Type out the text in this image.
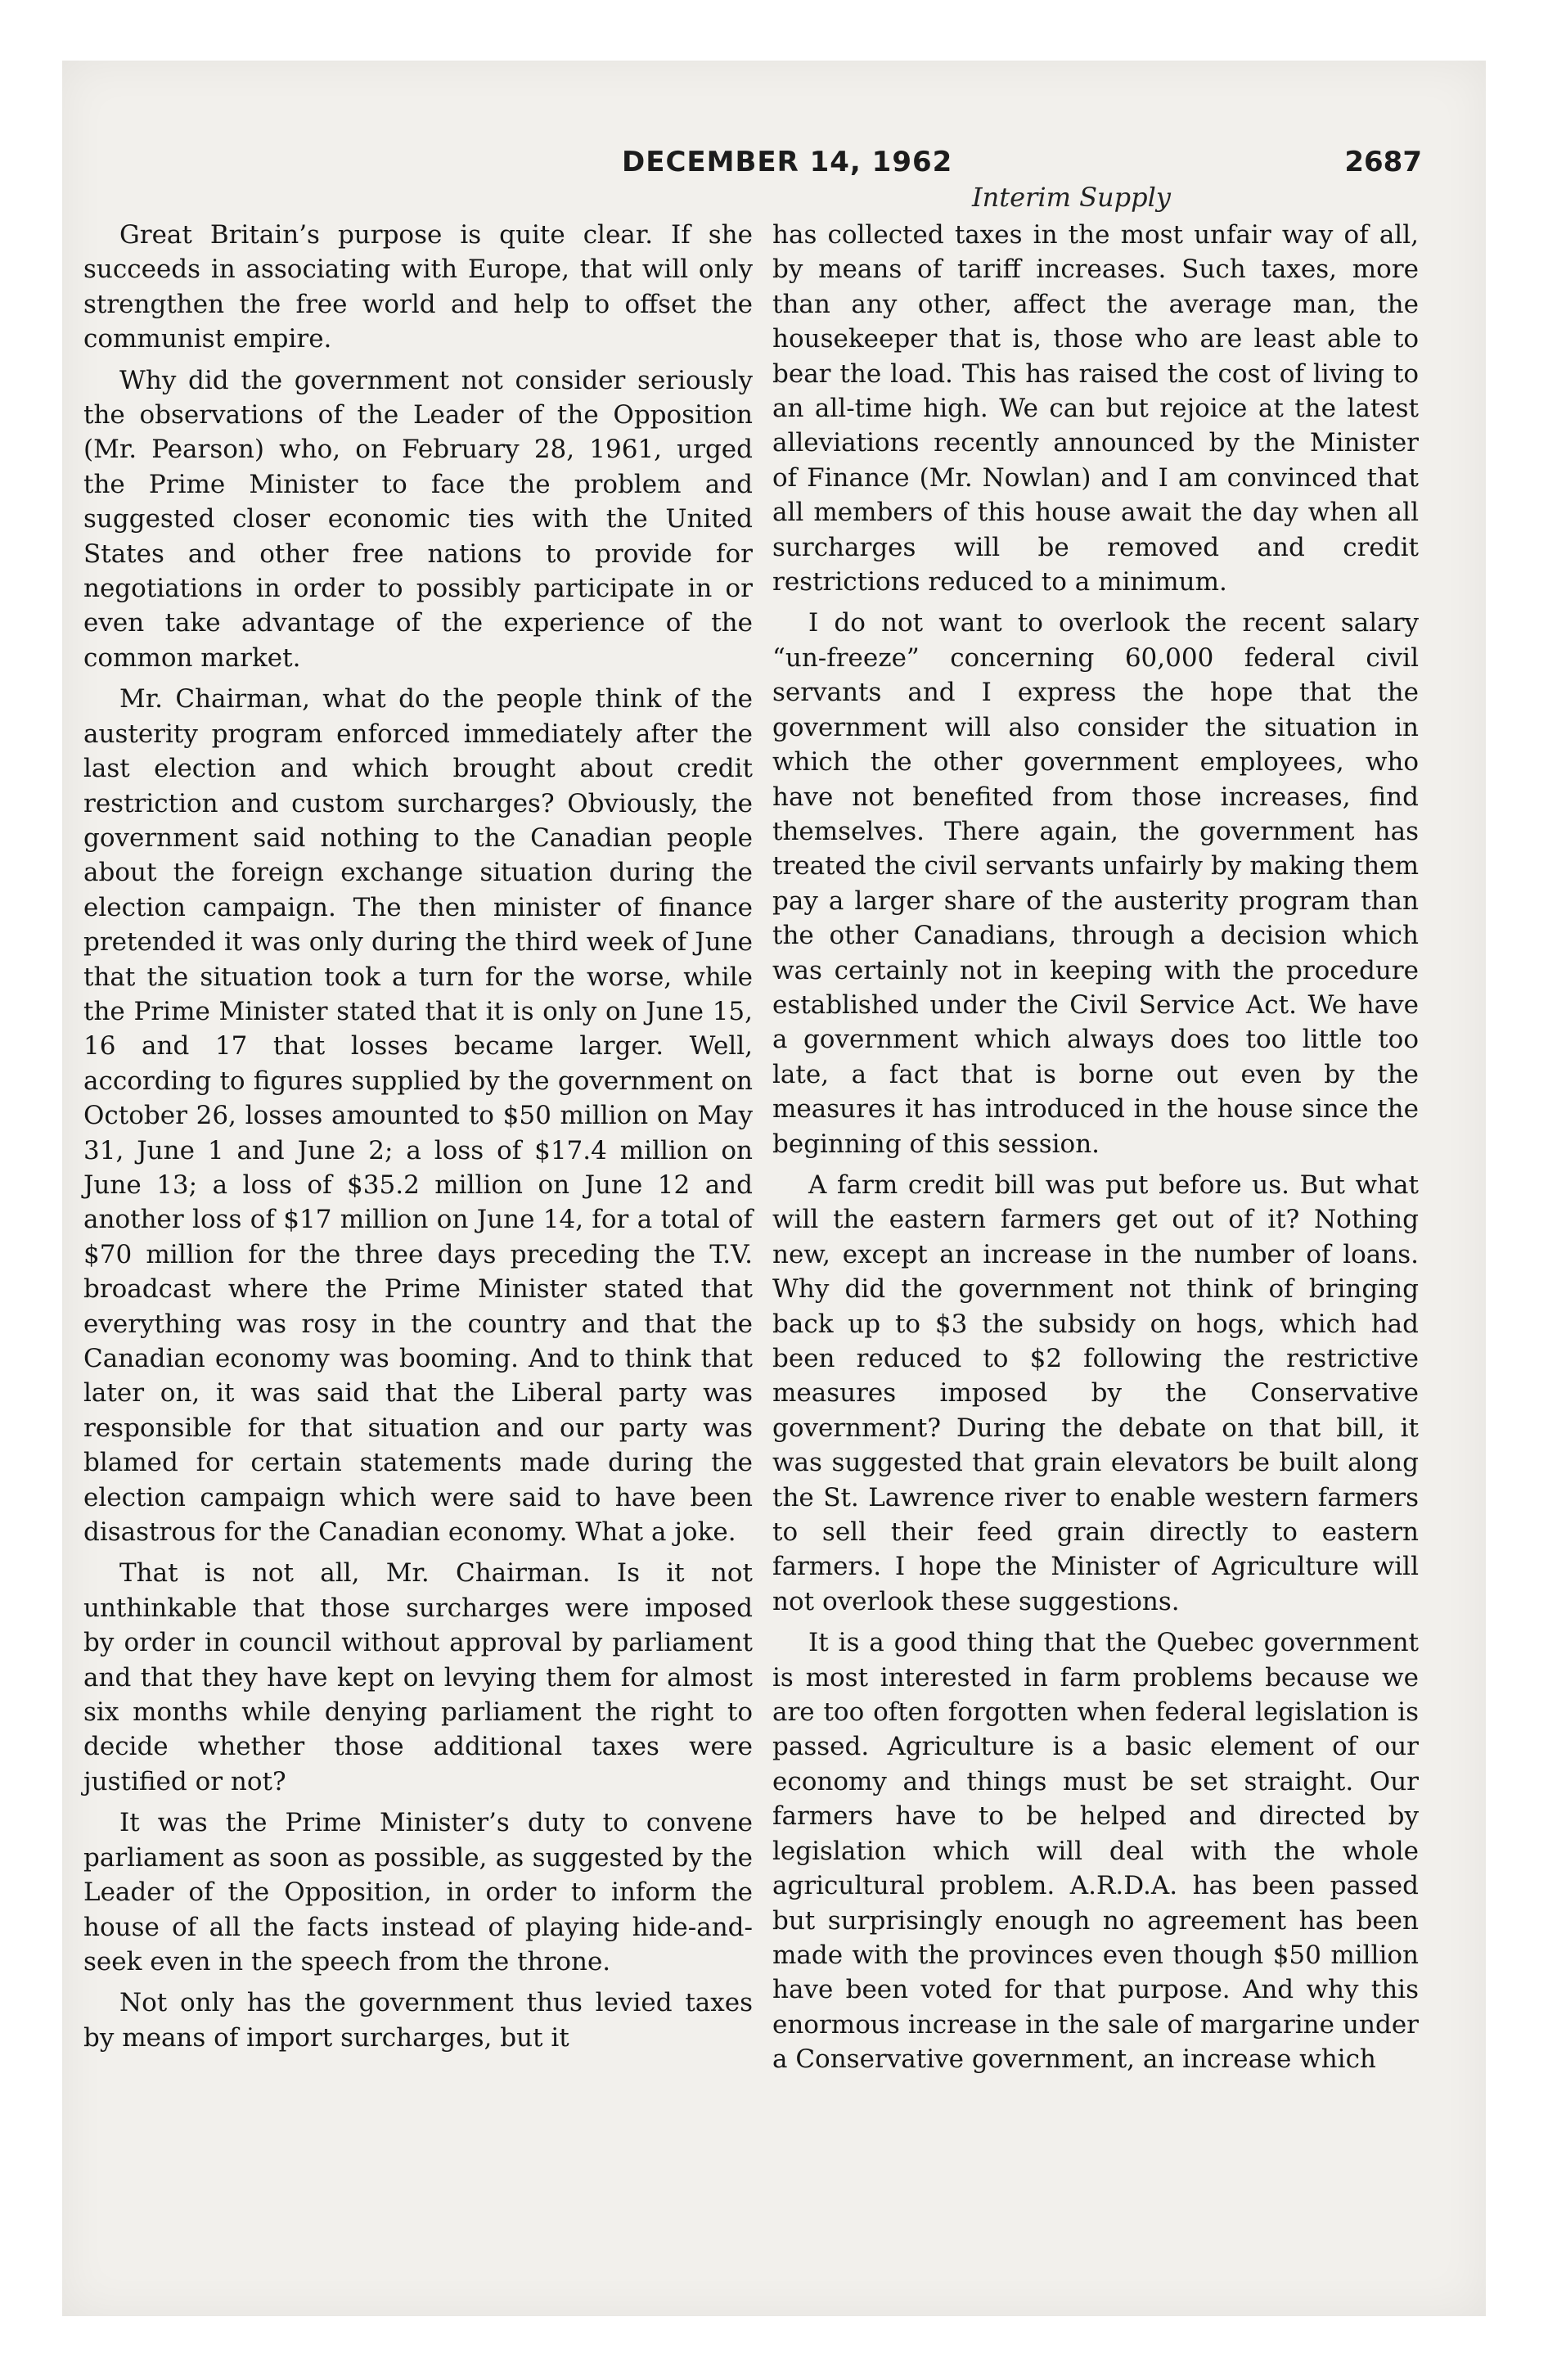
DECEMBER 14, 1962	2687
Interim Supply

Great Britain’s purpose is quite clear. If she succeeds in associating with Europe, that will only strengthen the free world and help to offset the communist empire.

Why did the government not consider seriously the observations of the Leader of the Opposition (Mr. Pearson) who, on February 28, 1961, urged the Prime Minister to face the problem and suggested closer economic ties with the United States and other free nations to provide for negotiations in order to possibly participate in or even take advantage of the experience of the common market.

Mr. Chairman, what do the people think of the austerity program enforced immediately after the last election and which brought about credit restriction and custom surcharges? Obviously, the government said nothing to the Canadian people about the foreign exchange situation during the election campaign. The then minister of finance pretended it was only during the third week of June that the situation took a turn for the worse, while the Prime Minister stated that it is only on June 15, 16 and 17 that losses became larger. Well, according to figures supplied by the government on October 26, losses amounted to $50 million on May 31, June 1 and June 2; a loss of $17.4 million on June 13; a loss of $35.2 million on June 12 and another loss of $17 million on June 14, for a total of $70 million for the three days preceding the T.V. broadcast where the Prime Minister stated that everything was rosy in the country and that the Canadian economy was booming. And to think that later on, it was said that the Liberal party was responsible for that situation and our party was blamed for certain statements made during the election campaign which were said to have been disastrous for the Canadian economy. What a joke.

That is not all, Mr. Chairman. Is it not unthinkable that those surcharges were imposed by order in council without approval by parliament and that they have kept on levying them for almost six months while denying parliament the right to decide whether those additional taxes were justified or not?

It was the Prime Minister’s duty to convene parliament as soon as possible, as suggested by the Leader of the Opposition, in order to inform the house of all the facts instead of playing hide-and-seek even in the speech from the throne.

Not only has the government thus levied taxes by means of import surcharges, but it

has collected taxes in the most unfair way of all, by means of tariff increases. Such taxes, more than any other, affect the average man, the housekeeper that is, those who are least able to bear the load. This has raised the cost of living to an all-time high. We can but rejoice at the latest alleviations recently announced by the Minister of Finance (Mr. Nowlan) and I am convinced that all members of this house await the day when all surcharges will be removed and credit restrictions reduced to a minimum.

I do not want to overlook the recent salary “un-freeze” concerning 60,000 federal civil servants and I express the hope that the government will also consider the situation in which the other government employees, who have not benefited from those increases, find themselves. There again, the government has treated the civil servants unfairly by making them pay a larger share of the austerity program than the other Canadians, through a decision which was certainly not in keeping with the procedure established under the Civil Service Act. We have a government which always does too little too late, a fact that is borne out even by the measures it has introduced in the house since the beginning of this session.

A farm credit bill was put before us. But what will the eastern farmers get out of it? Nothing new, except an increase in the number of loans. Why did the government not think of bringing back up to $3 the subsidy on hogs, which had been reduced to $2 following the restrictive measures imposed by the Conservative government? During the debate on that bill, it was suggested that grain elevators be built along the St. Lawrence river to enable western farmers to sell their feed grain directly to eastern farmers. I hope the Minister of Agriculture will not overlook these suggestions.

It is a good thing that the Quebec government is most interested in farm problems because we are too often forgotten when federal legislation is passed. Agriculture is a basic element of our economy and things must be set straight. Our farmers have to be helped and directed by legislation which will deal with the whole agricultural problem. A.R.D.A. has been passed but surprisingly enough no agreement has been made with the provinces even though $50 million have been voted for that purpose. And why this enormous increase in the sale of margarine under a Conservative government, an increase which
